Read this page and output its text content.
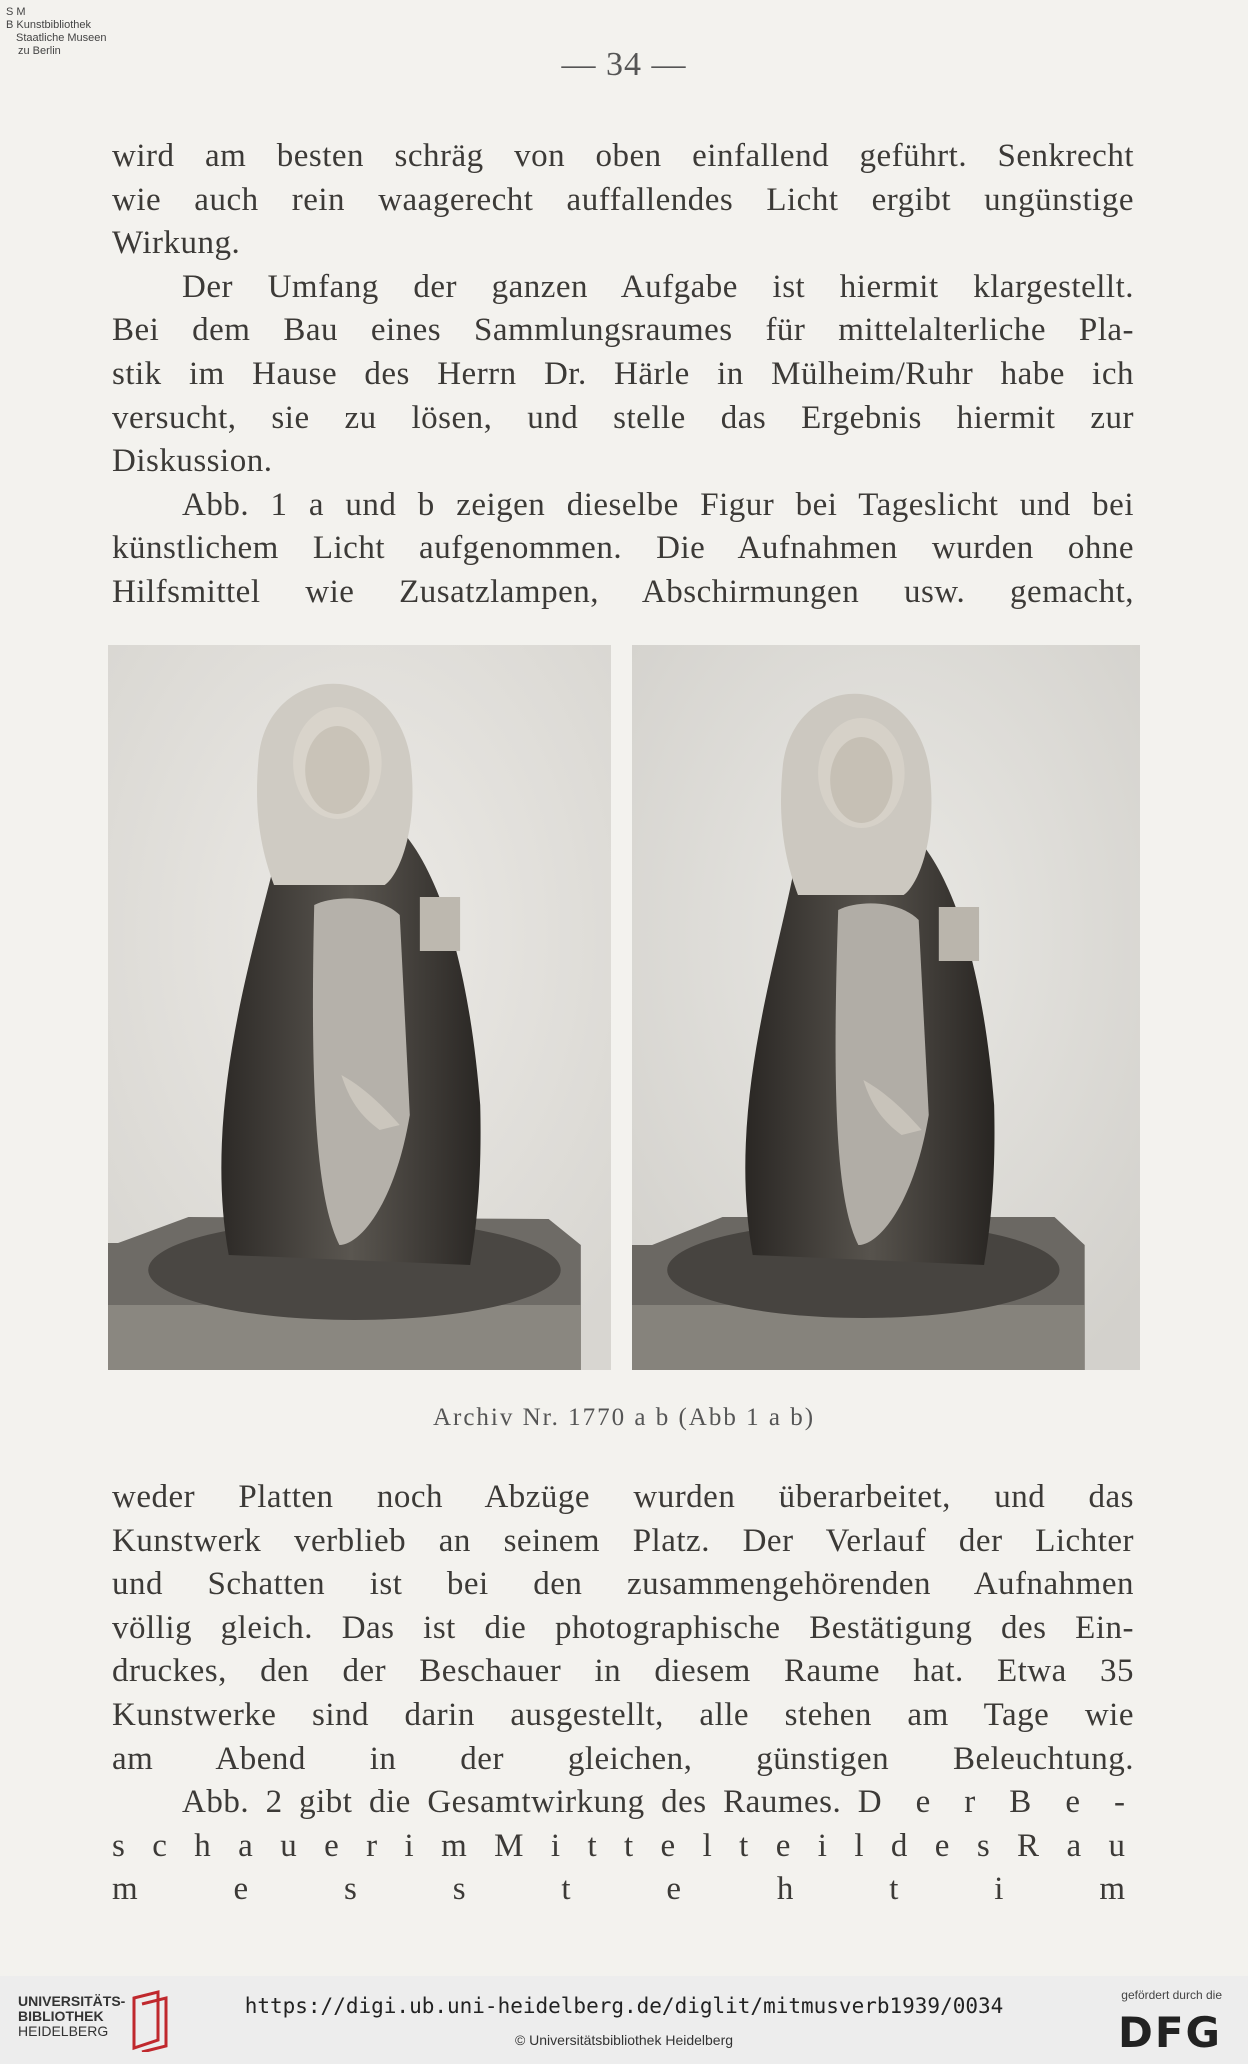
S M
B Kunstbibliothek
Staatliche Museen
zu Berlin	— 34 —

wird am besten schräg von oben einfallend geführt. Senkrecht
wie auch rein waagerecht auffallendes Licht ergibt ungünstige
Wirkung.

Der Umfang der ganzen Aufgabe ist hiermit klargestellt.
Bei dem Bau eines Sammlungsraumes für mittelalterliche Pla-
stik im Hause des Herrn Dr. Härle in Mülheim/Ruhr habe ich
versucht, sie zu lösen, und stelle das Ergebnis hiermit zur
Diskussion.

Abb. 1 a und b zeigen dieselbe Figur bei Tageslicht und bei
künstlichem Licht aufgenommen. Die Aufnahmen wurden ohne
Hilfsmittel wie Zusatzlampen, Abschirmungen usw. gemacht,

Archiv Nr. 1770 a b (Abb 1 a b)

weder Platten noch Abzüge wurden überarbeitet, und das
Kunstwerk verblieb an seinem Platz. Der Verlauf der Lichter
und Schatten ist bei den zusammengehörenden Aufnahmen
völlig gleich. Das ist die photographische Bestätigung des Ein-
druckes, den der Beschauer in diesem Raume hat. Etwa 35
Kunstwerke sind darin ausgestellt, alle stehen am Tage wie
am Abend in der gleichen, günstigen Beleuchtung.

Abb. 2 gibt die Gesamtwirkung des Raumes. D e r B e -
s c h a u e r i m M i t t e l t e i l d e s R a u m e s s t e h t i m

UNIVERSITÄTS-
BIBLIOTHEK
HEIDELBERG
https://digi.ub.uni-heidelberg.de/diglit/mitmusverb1939/0034
© Universitätsbibliothek Heidelberg
gefördert durch die
DFG
